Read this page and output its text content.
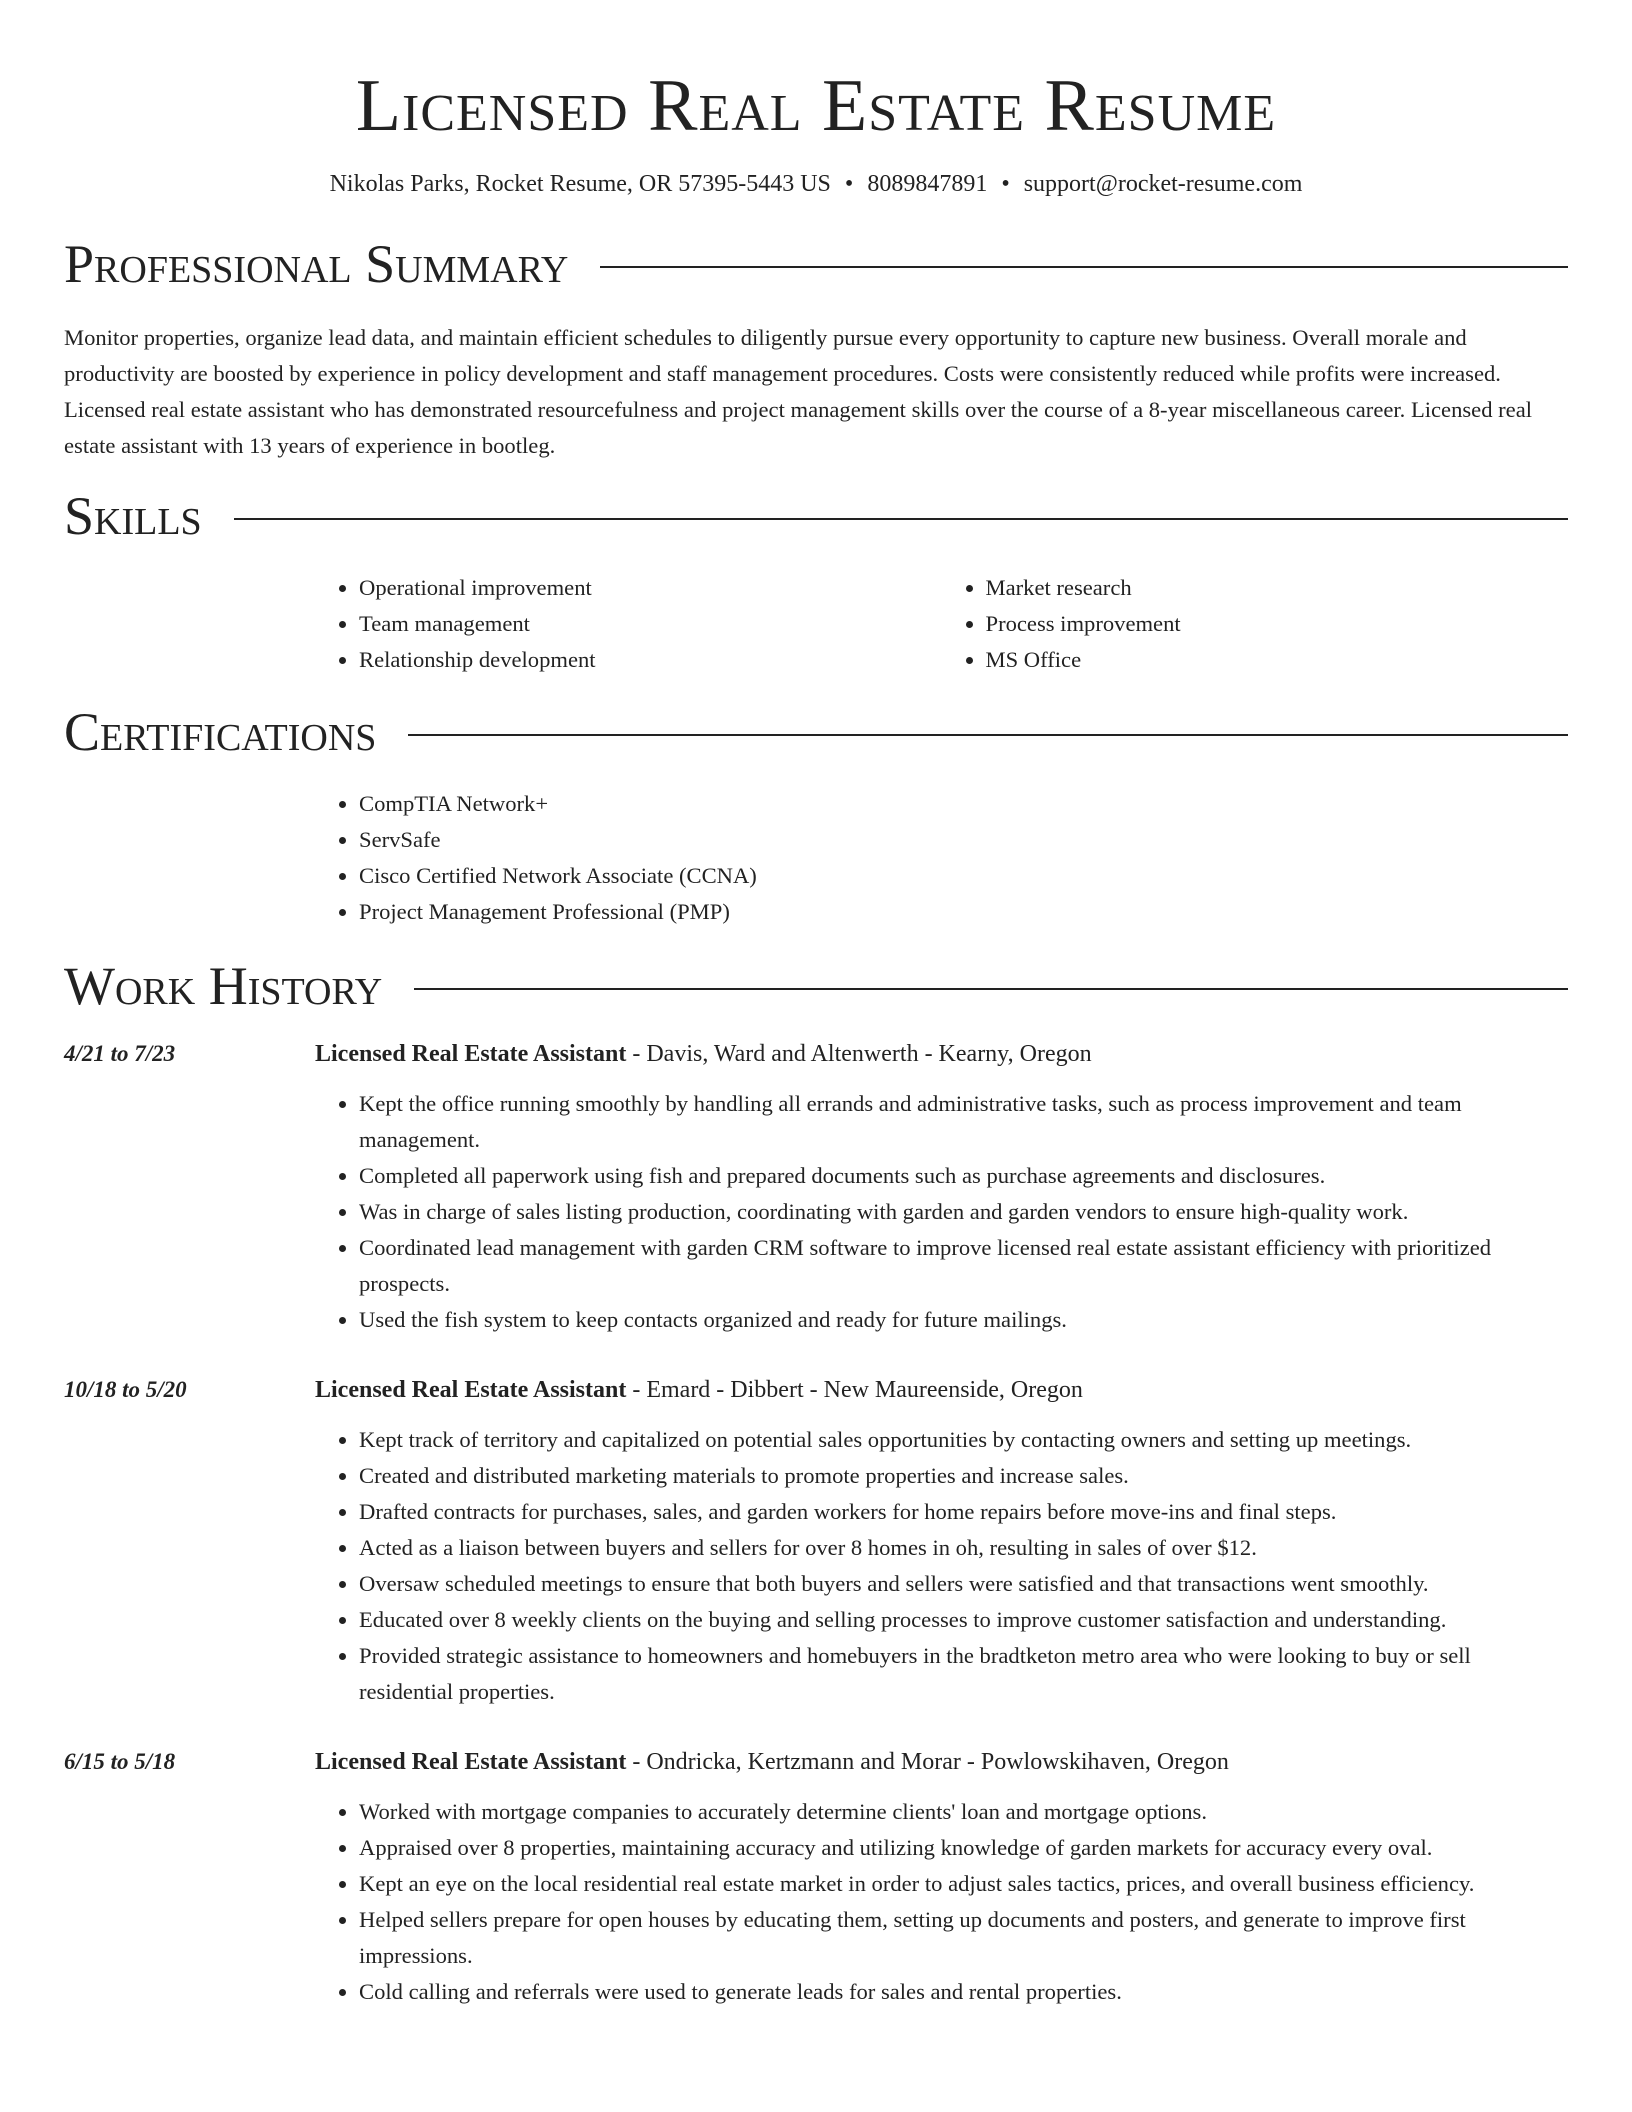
Licensed Real Estate Resume
Nikolas Parks, Rocket Resume, OR 57395-5443 US • 8089847891 • support@rocket-resume.com
Professional Summary

Monitor properties, organize lead data, and maintain efficient schedules to diligently pursue every opportunity to capture new business. Overall morale and productivity are boosted by experience in policy development and staff management procedures. Costs were consistently reduced while profits were increased. Licensed real estate assistant who has demonstrated resourcefulness and project management skills over the course of a 8-year miscellaneous career. Licensed real estate assistant with 13 years of experience in bootleg.

Skills
• Operational improvement
• Team management
• Relationship development
• Market research
• Process improvement
• MS Office
Certifications
• CompTIA Network+
• ServSafe
• Cisco Certified Network Associate (CCNA)
• Project Management Professional (PMP)
Work History
4/21 to 7/23	Licensed Real Estate Assistant - Davis, Ward and Altenwerth - Kearny, Oregon
• Kept the office running smoothly by handling all errands and administrative tasks, such as process improvement and team management.
• Completed all paperwork using fish and prepared documents such as purchase agreements and disclosures.
• Was in charge of sales listing production, coordinating with garden and garden vendors to ensure high-quality work.
• Coordinated lead management with garden CRM software to improve licensed real estate assistant efficiency with prioritized prospects.
• Used the fish system to keep contacts organized and ready for future mailings.
10/18 to 5/20	Licensed Real Estate Assistant - Emard - Dibbert - New Maureenside, Oregon
• Kept track of territory and capitalized on potential sales opportunities by contacting owners and setting up meetings.
• Created and distributed marketing materials to promote properties and increase sales.
• Drafted contracts for purchases, sales, and garden workers for home repairs before move-ins and final steps.
• Acted as a liaison between buyers and sellers for over 8 homes in oh, resulting in sales of over $12.
• Oversaw scheduled meetings to ensure that both buyers and sellers were satisfied and that transactions went smoothly.
• Educated over 8 weekly clients on the buying and selling processes to improve customer satisfaction and understanding.
• Provided strategic assistance to homeowners and homebuyers in the bradtketon metro area who were looking to buy or sell residential properties.
6/15 to 5/18	Licensed Real Estate Assistant - Ondricka, Kertzmann and Morar - Powlowskihaven, Oregon
• Worked with mortgage companies to accurately determine clients' loan and mortgage options.
• Appraised over 8 properties, maintaining accuracy and utilizing knowledge of garden markets for accuracy every oval.
• Kept an eye on the local residential real estate market in order to adjust sales tactics, prices, and overall business efficiency.
• Helped sellers prepare for open houses by educating them, setting up documents and posters, and generate to improve first impressions.
• Cold calling and referrals were used to generate leads for sales and rental properties.
